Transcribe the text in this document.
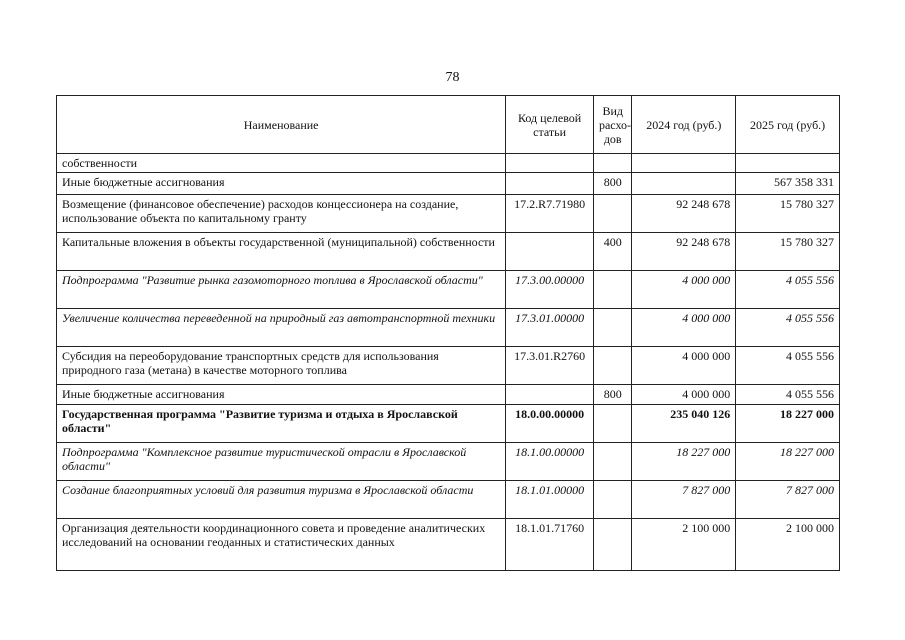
78
Наименование	Код целевой статьи	Вид расхо-дов	2024 год (руб.)	2025 год (руб.)
собственности				
Иные бюджетные ассигнования		800		567 358 331
Возмещение (финансовое обеспечение) расходов концессионера на создание, использование объекта по капитальному гранту	17.2.R7.71980		92 248 678	15 780 327
Капитальные вложения в объекты государственной (муниципальной) собственности		400	92 248 678	15 780 327
Подпрограмма "Развитие рынка газомоторного топлива в Ярославской области"	17.3.00.00000		4 000 000	4 055 556
Увеличение количества переведенной на природный газ автотранспортной техники	17.3.01.00000		4 000 000	4 055 556
Субсидия на переоборудование транспортных средств для использования природного газа (метана) в качестве моторного топлива	17.3.01.R2760		4 000 000	4 055 556
Иные бюджетные ассигнования		800	4 000 000	4 055 556
Государственная программа "Развитие туризма и отдыха в Ярославской области"	18.0.00.00000		235 040 126	18 227 000
Подпрограмма "Комплексное развитие туристической отрасли в Ярославской области"	18.1.00.00000		18 227 000	18 227 000
Создание благоприятных условий для развития туризма в Ярославской области	18.1.01.00000		7 827 000	7 827 000
Организация деятельности координационного совета и проведение аналитических исследований на основании геоданных и статистических данных	18.1.01.71760		2 100 000	2 100 000
